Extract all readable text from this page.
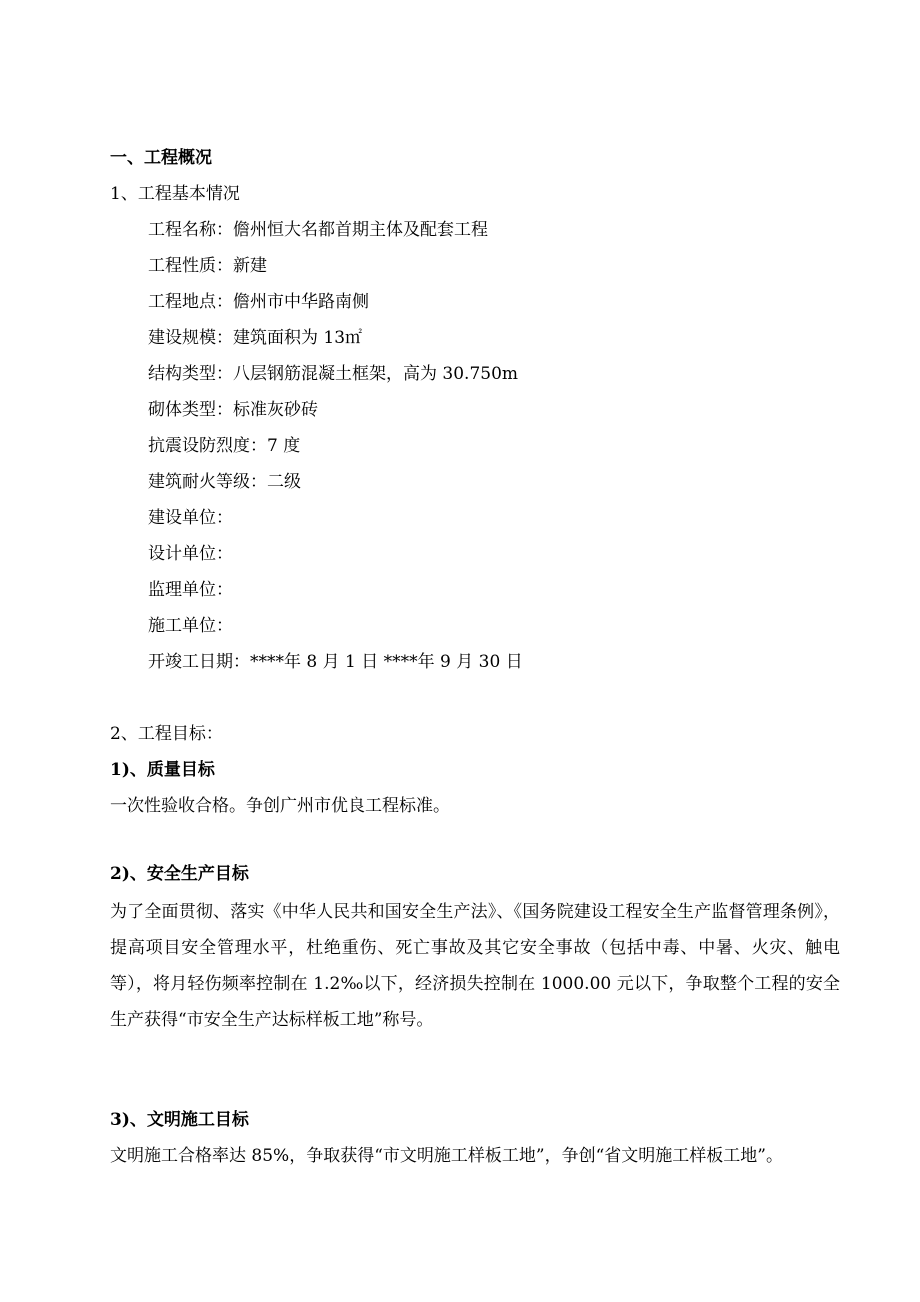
一、工程概况
1、工程基本情况
工程名称：儋州恒大名都首期主体及配套工程
工程性质：新建
工程地点：儋州市中华路南侧
建设规模：建筑面积为 13㎡
结构类型：八层钢筋混凝土框架，高为 30.750m
砌体类型：标准灰砂砖
抗震设防烈度：7 度
建筑耐火等级：二级
建设单位：
设计单位：
监理单位：
施工单位：
开竣工日期：****年 8 月 1 日 ****年 9 月 30 日
2、工程目标：
1)、质量目标
一次性验收合格。争创广州市优良工程标准。
2)、安全生产目标
为了全面贯彻、落实《中华人民共和国安全生产法》、《国务院建设工程安全生产监督管理条例》，提高项目安全管理水平，杜绝重伤、死亡事故及其它安全事故（包括中毒、中暑、火灾、触电等），将月轻伤频率控制在 1.2‰以下，经济损失控制在 1000.00 元以下，争取整个工程的安全生产获得“市安全生产达标样板工地”称号。
3)、文明施工目标
文明施工合格率达 85%，争取获得“市文明施工样板工地”，争创“省文明施工样板工地”。
